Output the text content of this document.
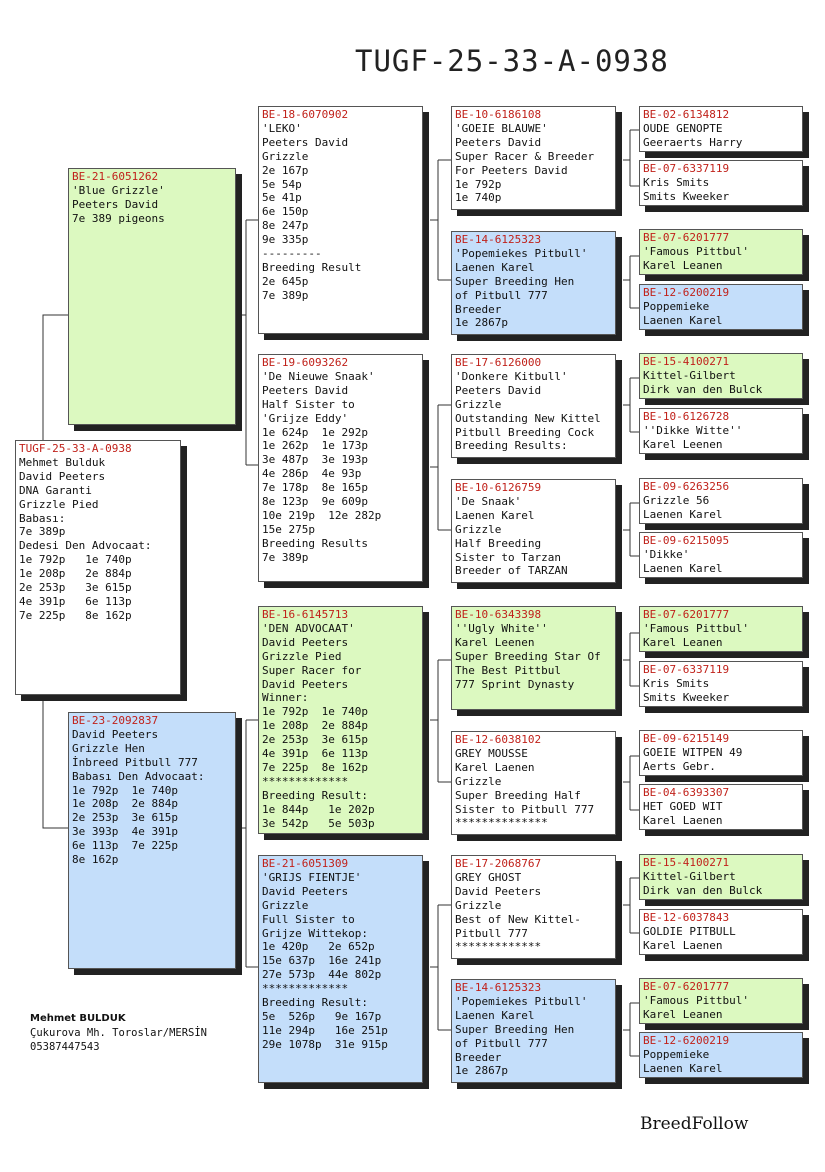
TUGF-25-33-A-0938
TUGF-25-33-A-0938
Mehmet Bulduk
David Peeters
DNA Garanti
Grizzle Pied
Babası:
7e 389p
Dedesi Den Advocaat:
1e 792p   1e 740p
1e 208p   2e 884p
2e 253p   3e 615p
4e 391p   6e 113p
7e 225p   8e 162p
BE-21-6051262
'Blue Grizzle'
Peeters David
7e 389 pigeons
BE-23-2092837
David Peeters
Grizzle Hen
İnbreed Pitbull 777
Babası Den Advocaat:
1e 792p  1e 740p
1e 208p  2e 884p
2e 253p  3e 615p
3e 393p  4e 391p
6e 113p  7e 225p
8e 162p
BE-18-6070902
'LEKO'
Peeters David
Grizzle
2e 167p
5e 54p
5e 41p
6e 150p
8e 247p
9e 335p
---------
Breeding Result
2e 645p
7e 389p
BE-19-6093262
'De Nieuwe Snaak'
Peeters David
Half Sister to
'Grijze Eddy'
1e 624p  1e 292p
1e 262p  1e 173p
3e 487p  3e 193p
4e 286p  4e 93p
7e 178p  8e 165p
8e 123p  9e 609p
10e 219p  12e 282p
15e 275p
Breeding Results
7e 389p
BE-16-6145713
'DEN ADVOCAAT'
David Peeters
Grizzle Pied
Super Racer for
David Peeters
Winner:
1e 792p  1e 740p
1e 208p  2e 884p
2e 253p  3e 615p
4e 391p  6e 113p
7e 225p  8e 162p
*************
Breeding Result:
1e 844p   1e 202p
3e 542p   5e 503p
BE-21-6051309
'GRIJS FIENTJE'
David Peeters
Grizzle
Full Sister to
Grijze Wittekop:
1e 420p   2e 652p
15e 637p  16e 241p
27e 573p  44e 802p
*************
Breeding Result:
5e  526p   9e 167p
11e 294p   16e 251p
29e 1078p  31e 915p
BE-10-6186108
'GOEIE BLAUWE'
Peeters David
Super Racer & Breeder
For Peeters David
1e 792p
1e 740p
BE-14-6125323
'Popemiekes Pitbull'
Laenen Karel
Super Breeding Hen
of Pitbull 777
Breeder
1e 2867p
BE-17-6126000
'Donkere Kitbull'
Peeters David
Grizzle
Outstanding New Kittel
Pitbull Breeding Cock
Breeding Results:
BE-10-6126759
'De Snaak'
Laenen Karel
Grizzle
Half Breeding
Sister to Tarzan
Breeder of TARZAN
BE-10-6343398
''Ugly White''
Karel Leenen
Super Breeding Star Of
The Best Pittbul
777 Sprint Dynasty
BE-12-6038102
GREY MOUSSE
Karel Laenen
Grizzle
Super Breeding Half
Sister to Pitbull 777
**************
BE-17-2068767
GREY GHOST
David Peeters
Grizzle
Best of New Kittel-
Pitbull 777
*************
BE-14-6125323
'Popemiekes Pitbull'
Laenen Karel
Super Breeding Hen
of Pitbull 777
Breeder
1e 2867p
BE-02-6134812
OUDE GENOPTE
Geeraerts Harry
BE-07-6337119
Kris Smits
Smits Kweeker
BE-07-6201777
'Famous Pittbul'
Karel Leanen
BE-12-6200219
Poppemieke
Laenen Karel
BE-15-4100271
Kittel-Gilbert
Dirk van den Bulck
BE-10-6126728
''Dikke Witte''
Karel Leenen
BE-09-6263256
Grizzle 56
Laenen Karel
BE-09-6215095
'Dikke'
Laenen Karel
BE-07-6201777
'Famous Pittbul'
Karel Leanen
BE-07-6337119
Kris Smits
Smits Kweeker
BE-09-6215149
GOEIE WITPEN 49
Aerts Gebr.
BE-04-6393307
HET GOED WIT
Karel Laenen
BE-15-4100271
Kittel-Gilbert
Dirk van den Bulck
BE-12-6037843
GOLDIE PITBULL
Karel Laenen
BE-07-6201777
'Famous Pittbul'
Karel Leanen
BE-12-6200219
Poppemieke
Laenen Karel
Mehmet BULDUK
Çukurova Mh. Toroslar/MERSİN
05387447543
BreedFollow
